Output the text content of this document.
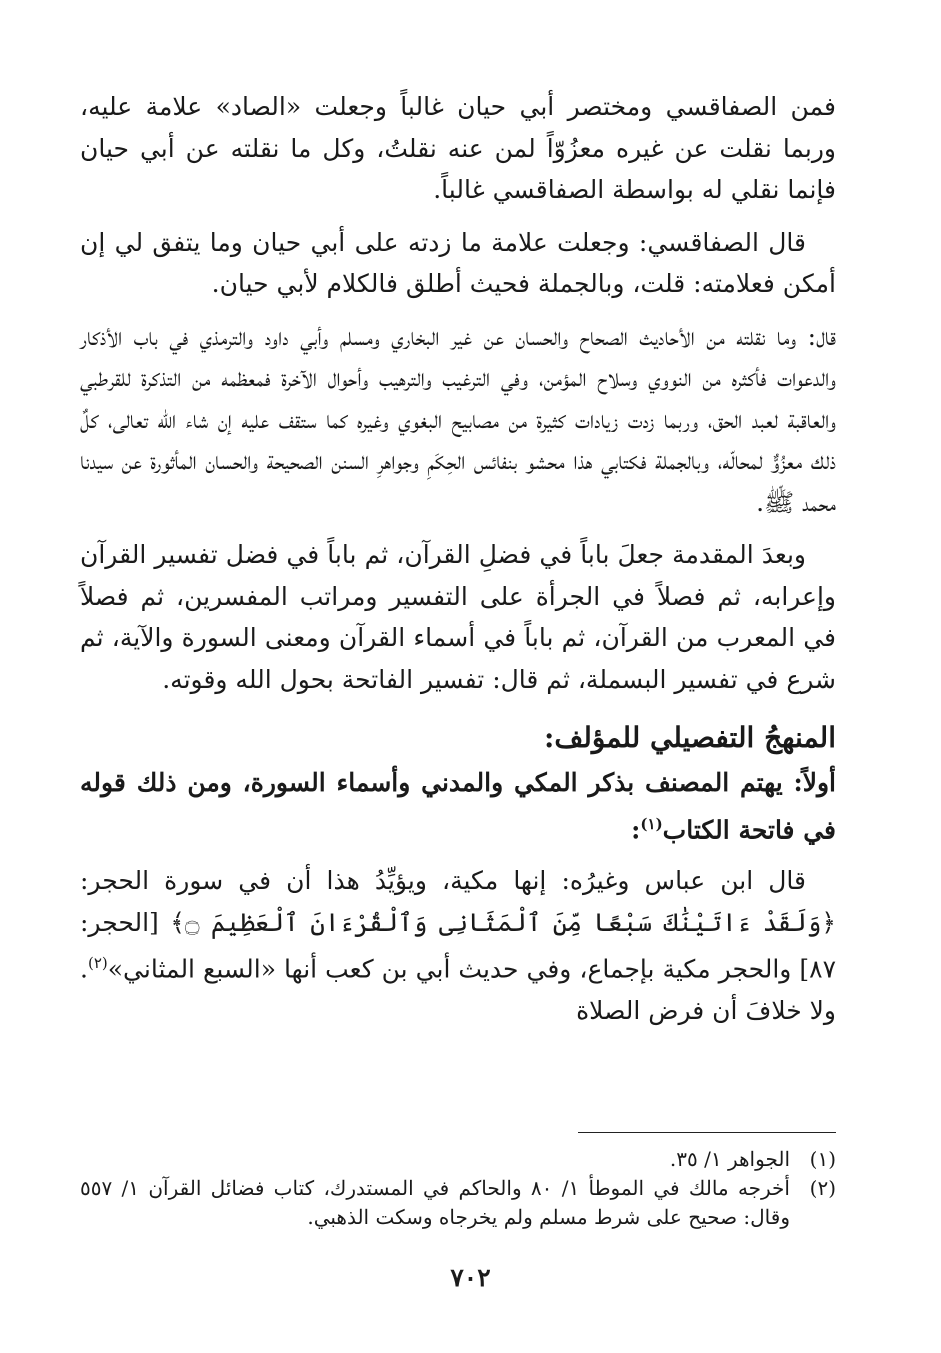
فمن الصفاقسي ومختصر أبي حيان غالباً وجعلت «الصاد» علامة عليه، وربما نقلت عن غيره معزُوّاً لمن عنه نقلتُ، وكل ما نقلته عن أبي حيان فإنما نقلي له بواسطة الصفاقسي غالباً.

قال الصفاقسي: وجعلت علامة ما زدته على أبي حيان وما يتفق لي إن أمكن فعلامته: قلت، وبالجملة فحيث أطلق فالكلام لأبي حيان.

قال: وما نقلته من الأحاديث الصحاح والحسان عن غير البخاري ومسلم وأبي داود والترمذي في باب الأذكار والدعوات فأكثره من النووي وسلاح المؤمن، وفي الترغيب والترهيب وأحوال الآخرة فمعظمه من التذكرة للقرطبي والعاقبة لعبد الحق، وربما زدت زيادات كثيرة من مصابيح البغوي وغيره كما ستقف عليه إن شاء الله تعالى، كلٌ ذلك معزُوٌّ لمحالّه، وبالجملة فكتابي هذا محشو بنفائس الحِكَمِ وجواهرِ السنن الصحيحة والحسان المأثورة عن سيدنا محمد ﷺ.

وبعدَ المقدمة جعلَ باباً في فضلِ القرآن، ثم باباً في فضل تفسير القرآن وإعرابه، ثم فصلاً في الجرأة على التفسير ومراتب المفسرين، ثم فصلاً في المعرب من القرآن، ثم باباً في أسماء القرآن ومعنى السورة والآية، ثم شرع في تفسير البسملة، ثم قال: تفسير الفاتحة بحول الله وقوته.

المنهجُ التفصيلي للمؤلف:

أولاً: يهتم المصنف بذكر المكي والمدني وأسماء السورة، ومن ذلك قوله في فاتحة الكتاب$^{(١)}$:

قال ابن عباس وغيرُه: إنها مكية، ويؤيِّدُ هذا أن في سورة الحجر: ﴿وَلَقَدْ ءَاتَيْنَٰكَ سَبْعًا مِّنَ ٱلْمَثَانِى وَٱلْقُرْءَانَ ٱلْعَظِيمَ ۝﴾ [الحجر: ٨٧] والحجر مكية بإجماع، وفي حديث أبي بن كعب أنها «السبع المثاني»$^{(٢)}$. ولا خلافَ أن فرض الصلاة

(١)
الجواهر ١/ ٣٥.

(٢)
أخرجه مالك في الموطأ ١/ ٨٠ والحاكم في المستدرك، كتاب فضائل القرآن ١/ ٥٥٧ وقال: صحيح على شرط مسلم ولم يخرجاه وسكت الذهبي.

٧٠٢
